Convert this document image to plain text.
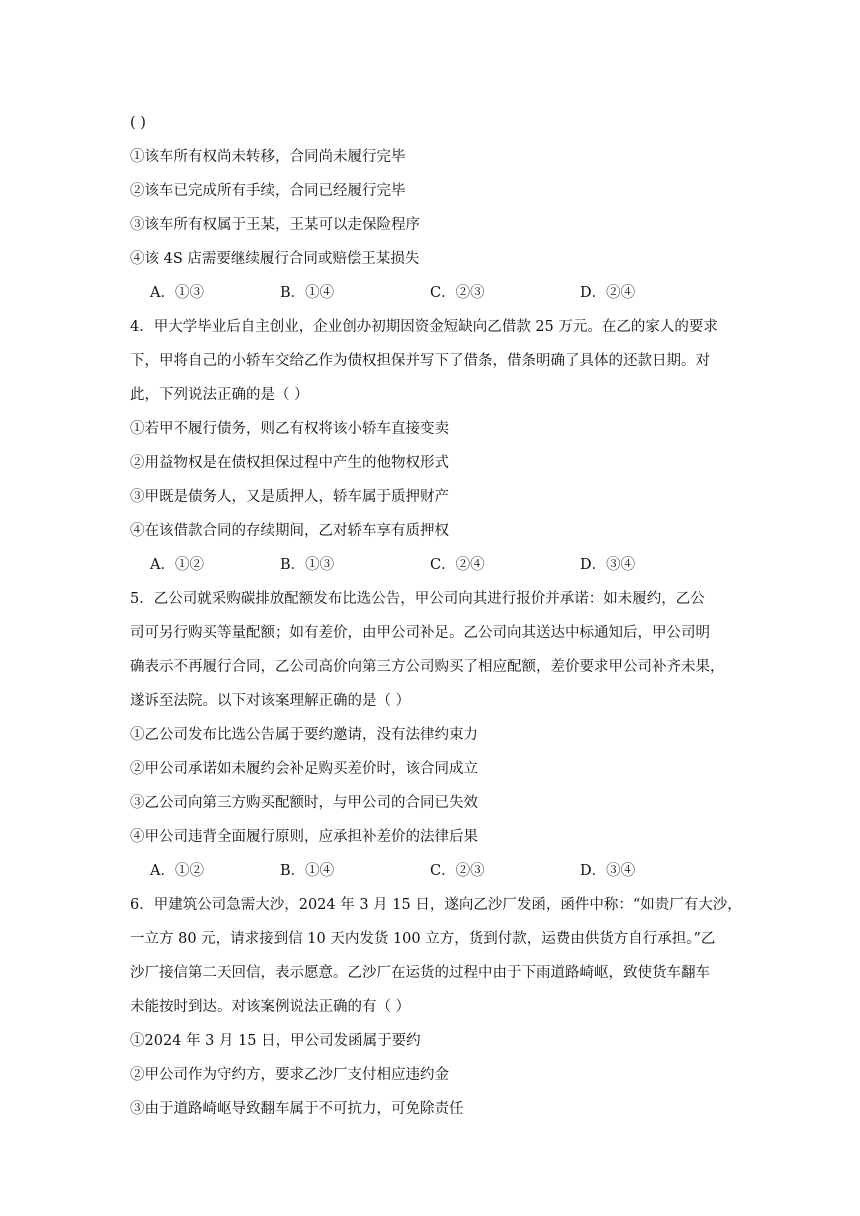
( )
①该车所有权尚未转移，合同尚未履行完毕
②该车已完成所有手续，合同已经履行完毕
③该车所有权属于王某，王某可以走保险程序
④该 4S 店需要继续履行合同或赔偿王某损失
A．①③	B．①④	C．②③	D．②④
4．甲大学毕业后自主创业，企业创办初期因资金短缺向乙借款 25 万元。在乙的家人的要求
下，甲将自己的小轿车交给乙作为债权担保并写下了借条，借条明确了具体的还款日期。对
此，下列说法正确的是（ ）
①若甲不履行债务，则乙有权将该小轿车直接变卖
②用益物权是在债权担保过程中产生的他物权形式
③甲既是债务人，又是质押人，轿车属于质押财产
④在该借款合同的存续期间，乙对轿车享有质押权
A．①②	B．①③	C．②④	D．③④
5．乙公司就采购碳排放配额发布比选公告，甲公司向其进行报价并承诺：如未履约，乙公
司可另行购买等量配额；如有差价，由甲公司补足。乙公司向其送达中标通知后，甲公司明
确表示不再履行合同，乙公司高价向第三方公司购买了相应配额，差价要求甲公司补齐未果，
遂诉至法院。以下对该案理解正确的是（ ）
①乙公司发布比选公告属于要约邀请，没有法律约束力
②甲公司承诺如未履约会补足购买差价时，该合同成立
③乙公司向第三方购买配额时，与甲公司的合同已失效
④甲公司违背全面履行原则，应承担补差价的法律后果
A．①②	B．①④	C．②③	D．③④
6．甲建筑公司急需大沙，2024 年 3 月 15 日，遂向乙沙厂发函，函件中称：“如贵厂有大沙，
一立方 80 元，请求接到信 10 天内发货 100 立方，货到付款，运费由供货方自行承担。”乙
沙厂接信第二天回信，表示愿意。乙沙厂在运货的过程中由于下雨道路崎岖，致使货车翻车
未能按时到达。对该案例说法正确的有（ ）
①2024 年 3 月 15 日，甲公司发函属于要约
②甲公司作为守约方，要求乙沙厂支付相应违约金
③由于道路崎岖导致翻车属于不可抗力，可免除责任
